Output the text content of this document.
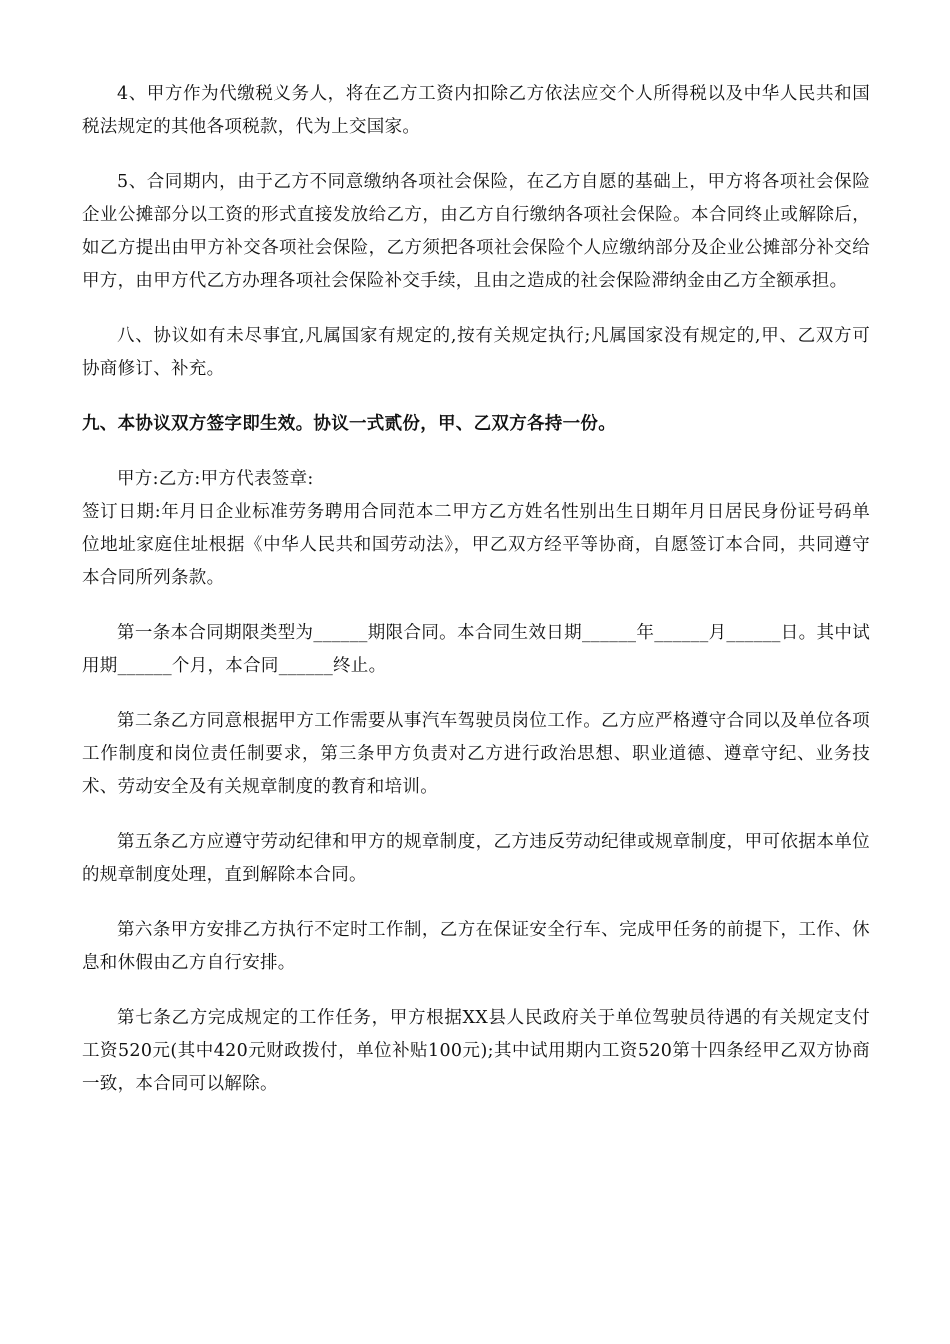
4、甲方作为代缴税义务人，将在乙方工资内扣除乙方依法应交个人所得税以及中华人民共和国税法规定的其他各项税款，代为上交国家。

5、合同期内，由于乙方不同意缴纳各项社会保险，在乙方自愿的基础上，甲方将各项社会保险企业公摊部分以工资的形式直接发放给乙方，由乙方自行缴纳各项社会保险。本合同终止或解除后，如乙方提出由甲方补交各项社会保险，乙方须把各项社会保险个人应缴纳部分及企业公摊部分补交给甲方，由甲方代乙方办理各项社会保险补交手续，且由之造成的社会保险滞纳金由乙方全额承担。

八、协议如有未尽事宜,凡属国家有规定的,按有关规定执行;凡属国家没有规定的,甲、乙双方可协商修订、补充。

九、本协议双方签字即生效。协议一式贰份，甲、乙双方各持一份。

甲方:乙方:甲方代表签章:

签订日期:年月日企业标准劳务聘用合同范本二甲方乙方姓名性别出生日期年月日居民身份证号码单位地址家庭住址根据《中华人民共和国劳动法》，甲乙双方经平等协商，自愿签订本合同，共同遵守本合同所列条款。

第一条本合同期限类型为______期限合同。本合同生效日期______年______月______日。其中试用期______个月，本合同______终止。

第二条乙方同意根据甲方工作需要从事汽车驾驶员岗位工作。乙方应严格遵守合同以及单位各项工作制度和岗位责任制要求，第三条甲方负责对乙方进行政治思想、职业道德、遵章守纪、业务技术、劳动安全及有关规章制度的教育和培训。

第五条乙方应遵守劳动纪律和甲方的规章制度，乙方违反劳动纪律或规章制度，甲可依据本单位的规章制度处理，直到解除本合同。

第六条甲方安排乙方执行不定时工作制，乙方在保证安全行车、完成甲任务的前提下，工作、休息和休假由乙方自行安排。

第七条乙方完成规定的工作任务，甲方根据XX县人民政府关于单位驾驶员待遇的有关规定支付工资520元(其中420元财政拨付，单位补贴100元);其中试用期内工资520第十四条经甲乙双方协商一致，本合同可以解除。
